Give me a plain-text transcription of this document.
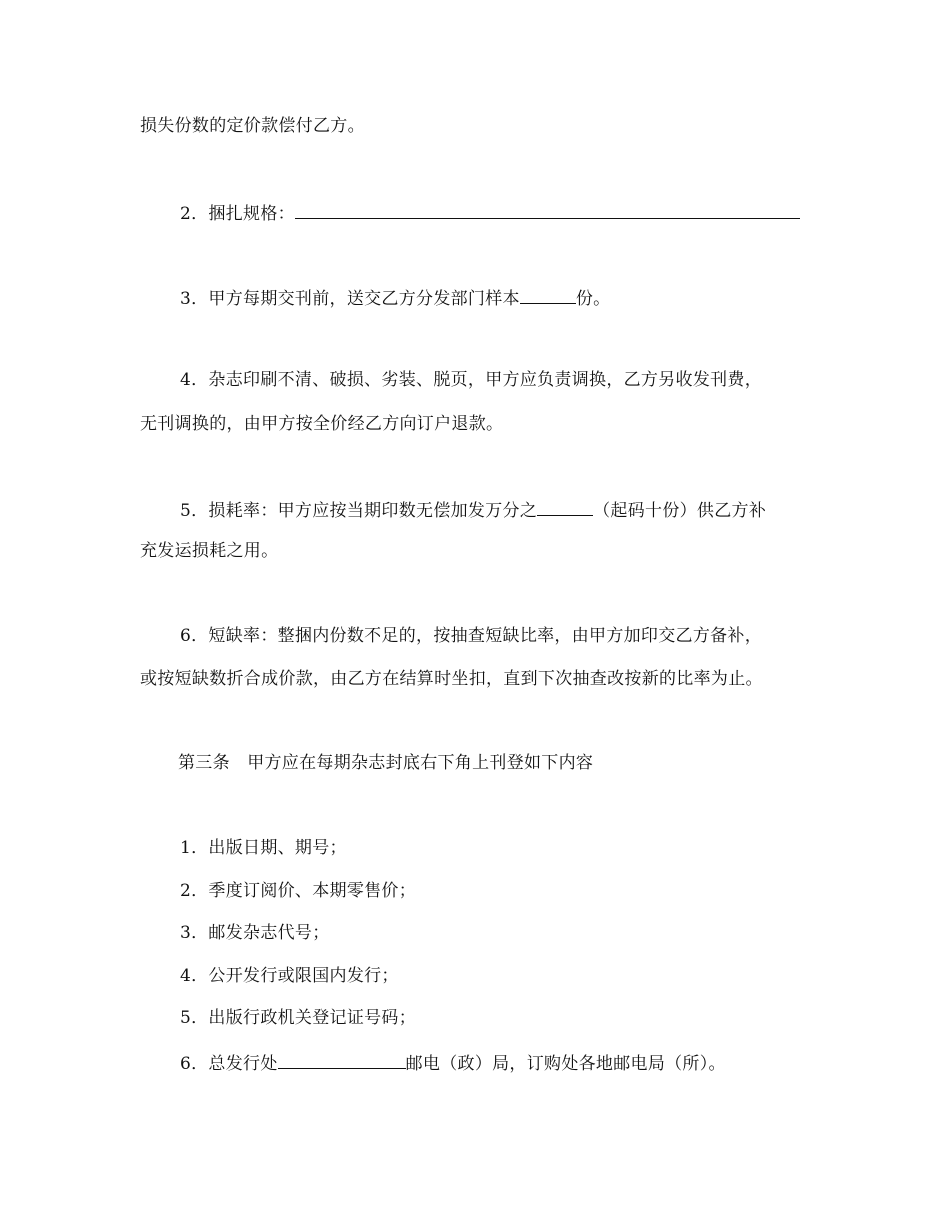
损失份数的定价款偿付乙方。
2．捆扎规格：
3．甲方每期交刊前，送交乙方分发部门样本	份。
4．杂志印刷不清、破损、劣装、脱页，甲方应负责调换，乙方另收发刊费，
无刊调换的，由甲方按全价经乙方向订户退款。
5．损耗率：甲方应按当期印数无偿加发万分之	（起码十份）供乙方补
充发运损耗之用。
6．短缺率：整捆内份数不足的，按抽查短缺比率，由甲方加印交乙方备补，
或按短缺数折合成价款，由乙方在结算时坐扣，直到下次抽查改按新的比率为止。
第三条　甲方应在每期杂志封底右下角上刊登如下内容
1．出版日期、期号；
2．季度订阅价、本期零售价；
3．邮发杂志代号；
4．公开发行或限国内发行；
5．出版行政机关登记证号码；
6．总发行处	邮电（政）局，订购处各地邮电局（所）。
